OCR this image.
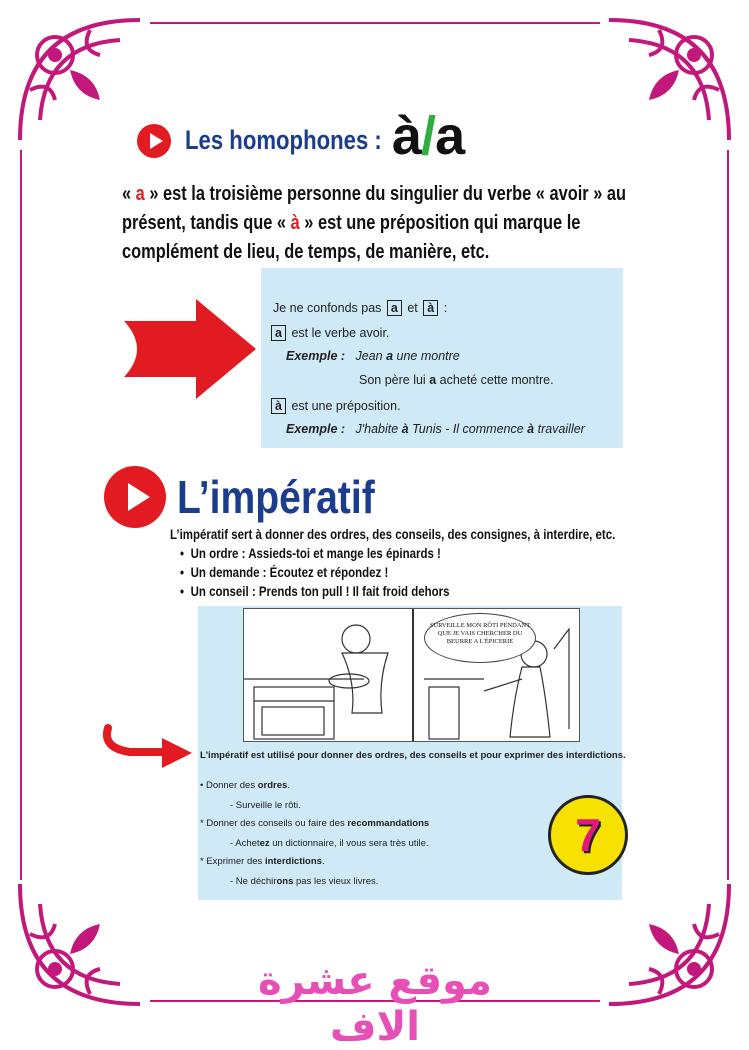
Les homophones : à/a
« a » est la troisième personne du singulier du verbe « avoir » au présent, tandis que « à » est une préposition qui marque le complément de lieu, de temps, de manière, etc.
Je ne confonds pas a et à :
a est le verbe avoir.
Exemple : Jean a une montre
Son père lui a acheté cette montre.
à est une préposition.
Exemple : J'habite à Tunis - Il commence à travailler
L’impératif
L’impératif sert à donner des ordres, des conseils, des consignes, à interdire, etc.
• Un ordre : Assieds-toi et mange les épinards !
• Un demande : Écoutez et répondez !
• Un conseil : Prends ton pull ! Il fait froid dehors
SURVEILLE MON RÔTI PENDANT QUE JE VAIS CHERCHER DU BEURRE A L'ÉPICERIE
L'impératif est utilisé pour donner des ordres, des conseils et pour exprimer des interdictions.
• Donner des ordres.
- Surveille le rôti.
* Donner des conseils ou faire des recommandations
- Achetez un dictionnaire, il vous sera très utile.
* Exprimer des interdictions.
- Ne déchirons pas les vieux livres.
7
موقع عشرة الاف
